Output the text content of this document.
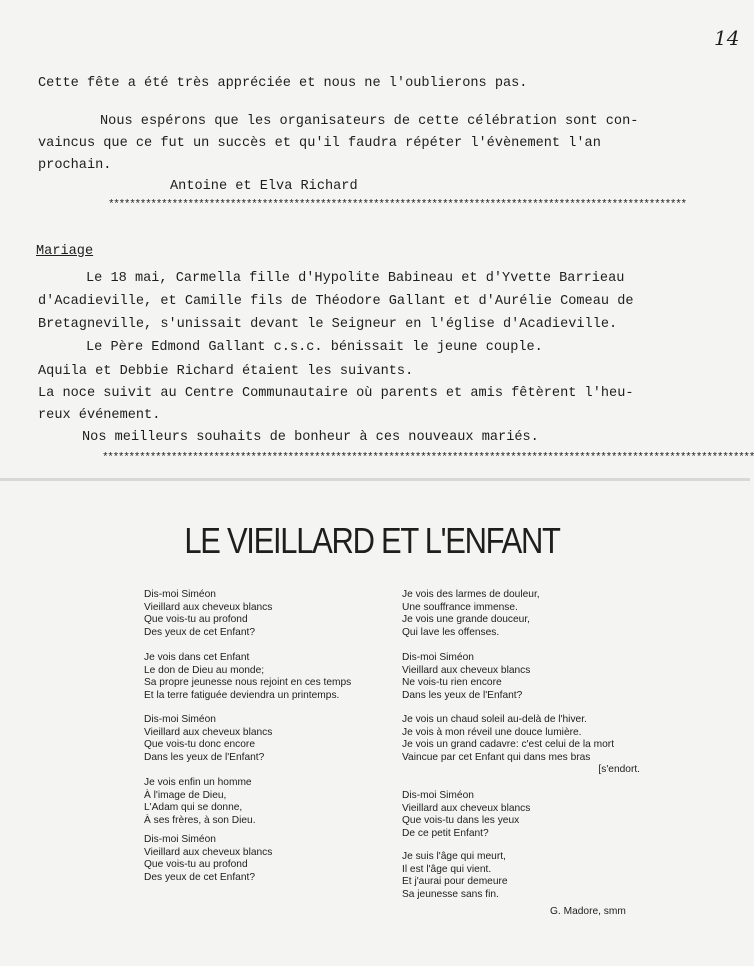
14
Cette fête a été très appréciée et nous ne l'oublierons pas.
Nous espérons que les organisateurs de cette célébration sont con-
vaincus que ce fut un succès et qu'il faudra répéter l'évènement l'an
prochain.
Antoine et Elva Richard
*************************************************************************************************************
Mariage
Le 18 mai, Carmella fille d'Hypolite Babineau et d'Yvette Barrieau
d'Acadieville, et Camille fils de Théodore Gallant et d'Aurélie Comeau de
Bretagneville, s'unissait devant le Seigneur en l'église d'Acadieville.
Le Père Edmond Gallant c.s.c. bénissait le jeune couple.
Aquila et Debbie Richard étaient les suivants.
La noce suivit au Centre Communautaire où parents et amis fêtèrent l'heu-
reux événement.
Nos meilleurs souhaits de bonheur à ces nouveaux mariés.
***************************************************************************************************************************
LE VIEILLARD ET L'ENFANT
Dis-moi Siméon
Vieillard aux cheveux blancs
Que vois-tu au profond
Des yeux de cet Enfant?
Je vois dans cet Enfant
Le don de Dieu au monde;
Sa propre jeunesse nous rejoint en ces temps
Et la terre fatiguée deviendra un printemps.
Dis-moi Siméon
Vieillard aux cheveux blancs
Que vois-tu donc encore
Dans les yeux de l'Enfant?
Je vois enfin un homme
À l'image de Dieu,
L'Adam qui se donne,
À ses frères, à son Dieu.
Dis-moi Siméon
Vieillard aux cheveux blancs
Que vois-tu au profond
Des yeux de cet Enfant?
Je vois des larmes de douleur,
Une souffrance immense.
Je vois une grande douceur,
Qui lave les offenses.
Dis-moi Siméon
Vieillard aux cheveux blancs
Ne vois-tu rien encore
Dans les yeux de l'Enfant?
Je vois un chaud soleil au-delà de l'hiver.
Je vois à mon réveil une douce lumière.
Je vois un grand cadavre: c'est celui de la mort
Vaincue par cet Enfant qui dans mes bras
[s'endort.
Dis-moi Siméon
Vieillard aux cheveux blancs
Que vois-tu dans les yeux
De ce petit Enfant?
Je suis l'âge qui meurt,
Il est l'âge qui vient.
Et j'aurai pour demeure
Sa jeunesse sans fin.
G. Madore, smm
